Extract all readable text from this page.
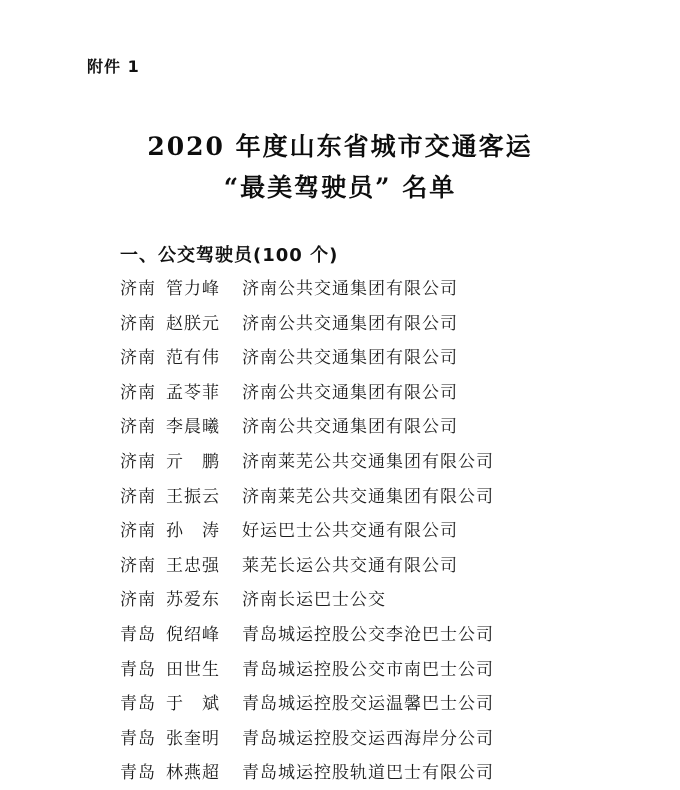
附件 1
2020 年度山东省城市交通客运
“最美驾驶员” 名单
一、公交驾驶员(100 个)
济南 管力峰 济南公共交通集团有限公司
济南 赵朕元 济南公共交通集团有限公司
济南 范有伟 济南公共交通集团有限公司
济南 孟苓菲 济南公共交通集团有限公司
济南 李晨曦 济南公共交通集团有限公司
济南 亓　鹏 济南莱芜公共交通集团有限公司
济南 王振云 济南莱芜公共交通集团有限公司
济南 孙　涛 好运巴士公共交通有限公司
济南 王忠强 莱芜长运公共交通有限公司
济南 苏爱东 济南长运巴士公交
青岛 倪绍峰 青岛城运控股公交李沧巴士公司
青岛 田世生 青岛城运控股公交市南巴士公司
青岛 于　斌 青岛城运控股交运温馨巴士公司
青岛 张奎明 青岛城运控股交运西海岸分公司
青岛 林燕超 青岛城运控股轨道巴士有限公司
